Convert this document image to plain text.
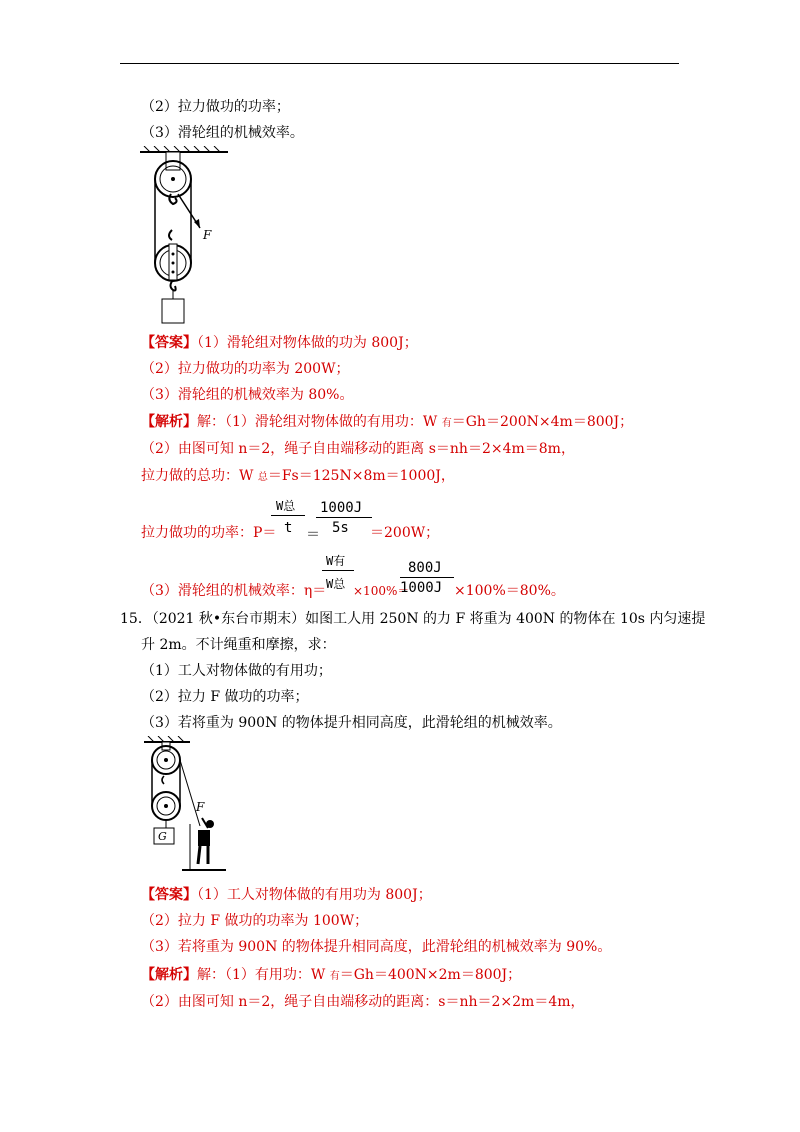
（2）拉力做功的功率；
（3）滑轮组的机械效率。
F
【答案】（1）滑轮组对物体做的功为 800J；
（2）拉力做功的功率为 200W；
（3）滑轮组的机械效率为 80%。
【解析】解：（1）滑轮组对物体做的有用功：W 有＝Gh＝200N×4m＝800J；
（2）由图可知 n＝2，绳子自由端移动的距离 s＝nh＝2×4m＝8m，
拉力做的总功：W 总＝Fs＝125N×8m＝1000J，
拉力做功的功率：P＝
W总
t ＝
1000J
5s ＝200W；
（3）滑轮组的机械效率：η＝
W有
W总 ×100%＝
800J
1000J ×100%＝80%。
15．（2021 秋•东台市期末）如图工人用 250N 的力 F 将重为 400N 的物体在 10s 内匀速提
升 2m。不计绳重和摩擦，求：
（1）工人对物体做的有用功；
（2）拉力 F 做功的功率；
（3）若将重为 900N 的物体提升相同高度，此滑轮组的机械效率。
F
G
【答案】（1）工人对物体做的有用功为 800J；
（2）拉力 F 做功的功率为 100W；
（3）若将重为 900N 的物体提升相同高度，此滑轮组的机械效率为 90%。
【解析】解：（1）有用功：W 有＝Gh＝400N×2m＝800J；
（2）由图可知 n＝2，绳子自由端移动的距离：s＝nh＝2×2m＝4m，
